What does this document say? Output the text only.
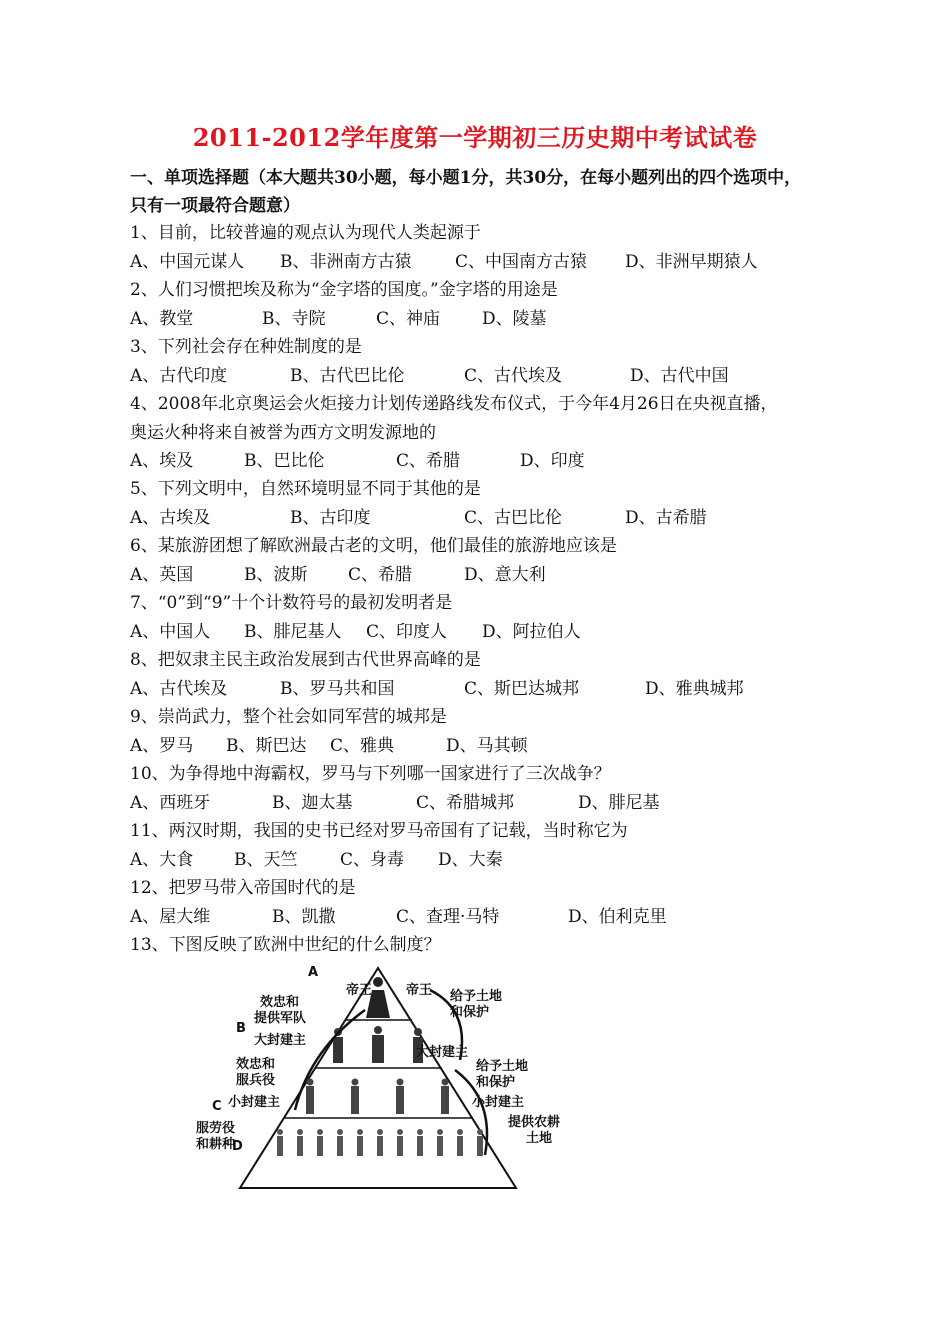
2011-2012学年度第一学期初三历史期中考试试卷
一、单项选择题（本大题共30小题，每小题1分，共30分，在每小题列出的四个选项中，
只有一项最符合题意）
1、目前，比较普遍的观点认为现代人类起源于
A、中国元谋人 B、非洲南方古猿	C、中国南方古猿 D、非洲早期猿人
2、人们习惯把埃及称为“金字塔的国度。”金字塔的用途是
A、教堂	B、寺院	C、神庙 D、陵墓
3、下列社会存在种姓制度的是
A、古代印度	B、古代巴比伦	C、古代埃及	D、古代中国
4、2008年北京奥运会火炬接力计划传递路线发布仪式，于今年4月26日在央视直播，
奥运火种将来自被誉为西方文明发源地的
A、埃及	B、巴比伦	C、希腊	D、印度
5、下列文明中，自然环境明显不同于其他的是
A、古埃及	B、古印度	C、古巴比伦	D、古希腊
6、某旅游团想了解欧洲最古老的文明，他们最佳的旅游地应该是
A、英国	B、波斯 C、希腊	D、意大利
7、“0”到“9”十个计数符号的最初发明者是
A、中国人 B、腓尼基人 C、印度人 D、阿拉伯人
8、把奴隶主民主政治发展到古代世界高峰的是
A、古代埃及	B、罗马共和国	C、斯巴达城邦	D、雅典城邦
9、崇尚武力，整个社会如同军营的城邦是
A、罗马 B、斯巴达 C、雅典	D、马其顿
10、为争得地中海霸权，罗马与下列哪一国家进行了三次战争？
A、西班牙	B、迦太基	C、希腊城邦	D、腓尼基
11、两汉时期，我国的史书已经对罗马帝国有了记载，当时称它为
A、大食 B、天竺	C、身毒 D、大秦
12、把罗马带入帝国时代的是
A、屋大维	B、凯撒	C、查理·马特	D、伯利克里
13、下图反映了欧洲中世纪的什么制度？
A
B
C
D
效忠和
提供军队
大封建主
效忠和
服兵役
小封建主
服劳役
和耕种
帝王	帝王 给予土地
和保护
大封建主
给予土地
和保护
小封建主
提供农耕
土地
